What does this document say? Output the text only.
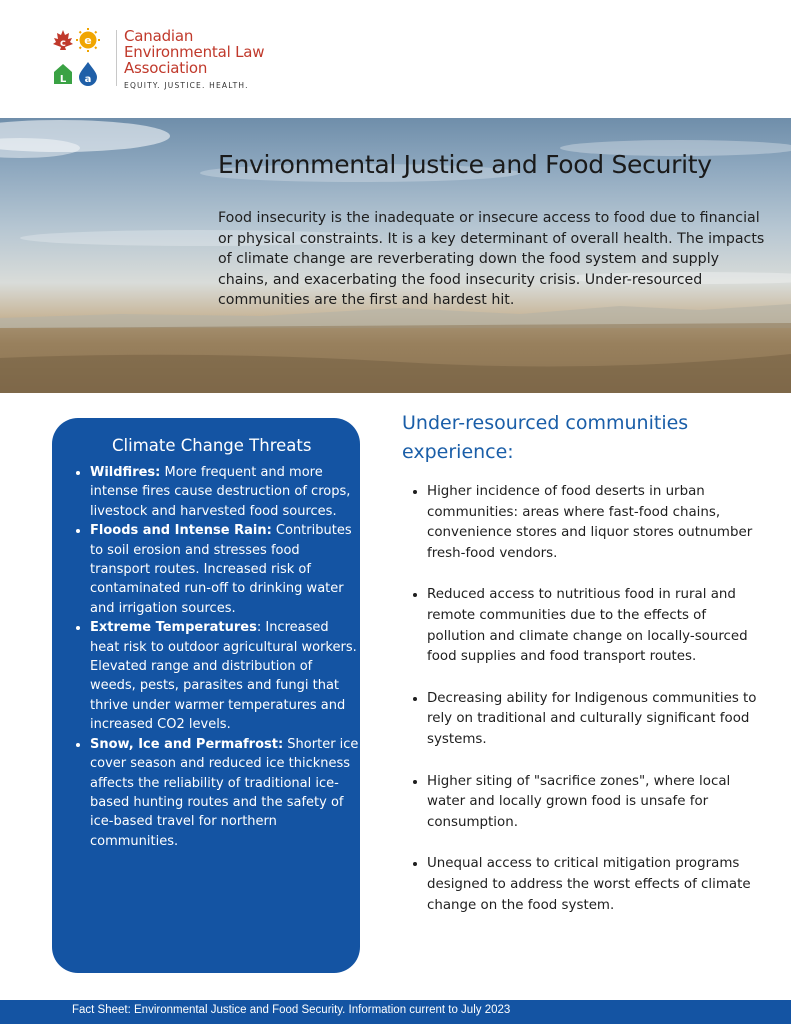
c e
L a
Canadian
Environmental Law
Association
EQUITY. JUSTICE. HEALTH.
Environmental Justice and Food Security

Food insecurity is the inadequate or insecure access to food due to financial or physical constraints. It is a key determinant of overall health. The impacts of climate change are reverberating down the food system and supply chains, and exacerbating the food insecurity crisis. Under-resourced communities are the first and hardest hit.

Climate Change Threats
• Wildfires: More frequent and more intense fires cause destruction of crops, livestock and harvested food sources.
• Floods and Intense Rain: Contributes to soil erosion and stresses food transport routes. Increased risk of contaminated run-off to drinking water and irrigation sources.
• Extreme Temperatures: Increased heat risk to outdoor agricultural workers. Elevated range and distribution of weeds, pests, parasites and fungi that thrive under warmer temperatures and increased CO2 levels.
• Snow, Ice and Permafrost: Shorter ice cover season and reduced ice thickness affects the reliability of traditional ice-based hunting routes and the safety of ice-based travel for northern communities.
Under-resourced communities experience:
• Higher incidence of food deserts in urban communities: areas where fast-food chains, convenience stores and liquor stores outnumber fresh-food vendors.
• Reduced access to nutritious food in rural and remote communities due to the effects of pollution and climate change on locally-sourced food supplies and food transport routes.
• Decreasing ability for Indigenous communities to rely on traditional and culturally significant food systems.
• Higher siting of "sacrifice zones", where local water and locally grown food is unsafe for consumption.
• Unequal access to critical mitigation programs designed to address the worst effects of climate change on the food system.
Fact Sheet: Environmental Justice and Food Security. Information current to July 2023
